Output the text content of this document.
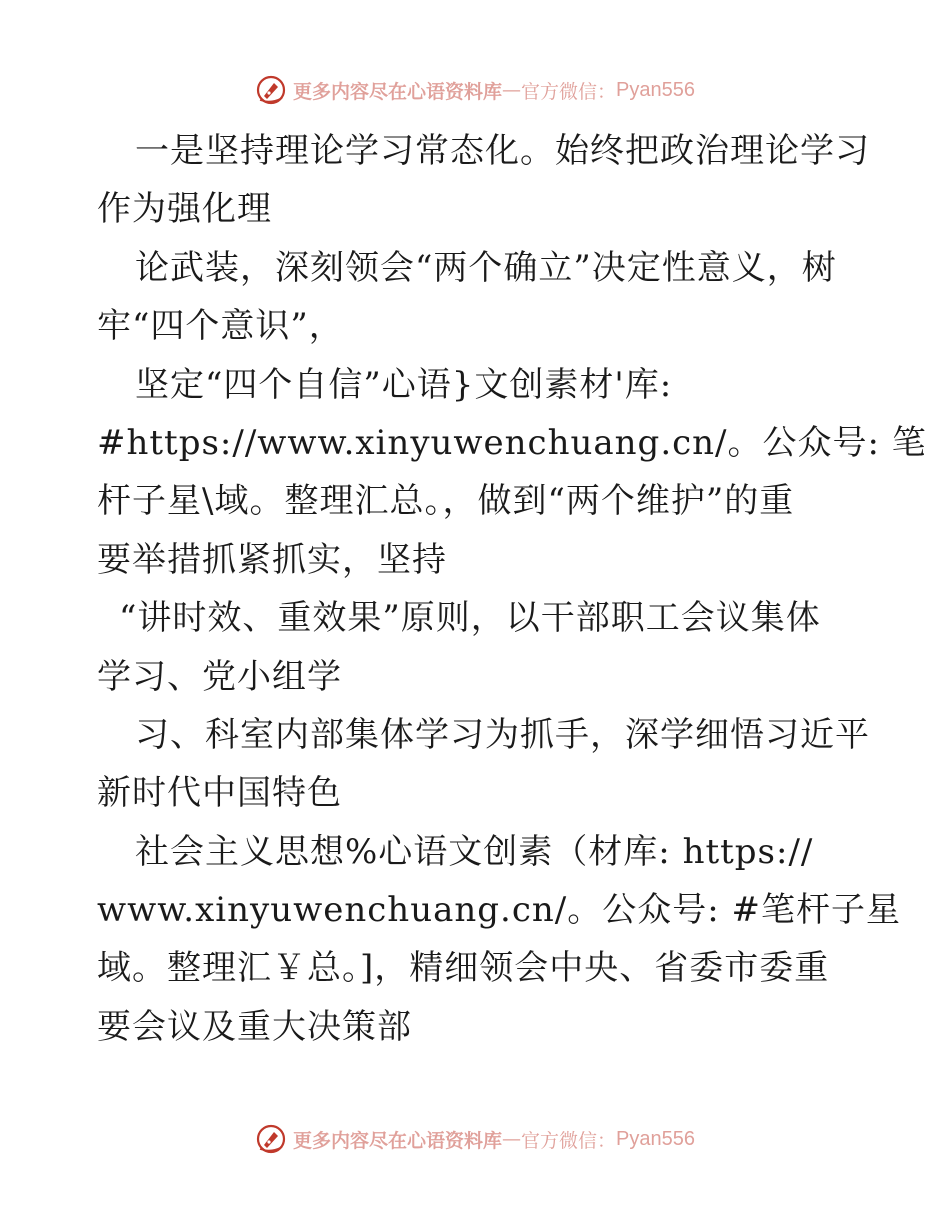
更多内容尽在心语资料库 — 官方微信： Pyan556
一是坚持理论学习常态化。始终把政治理论学习
作为强化理
论武装，深刻领会“两个确立”决定性意义，树
牢“四个意识”，
坚定“四个自信”心语}文创素材'库:
#https://www.xinyuwenchuang.cn/。公众号: 笔
杆子星\域。整理汇总。，做到“两个维护”的重
要举措抓紧抓实，坚持
“讲时效、重效果”原则，以干部职工会议集体
学习、党小组学
习、科室内部集体学习为抓手，深学细悟习近平
新时代中国特色
社会主义思想%心语文创素（材库: https://
www.xinyuwenchuang.cn/。公众号: #笔杆子星
域。整理汇￥总。]，精细领会中央、省委市委重
要会议及重大决策部
更多内容尽在心语资料库 — 官方微信： Pyan556
